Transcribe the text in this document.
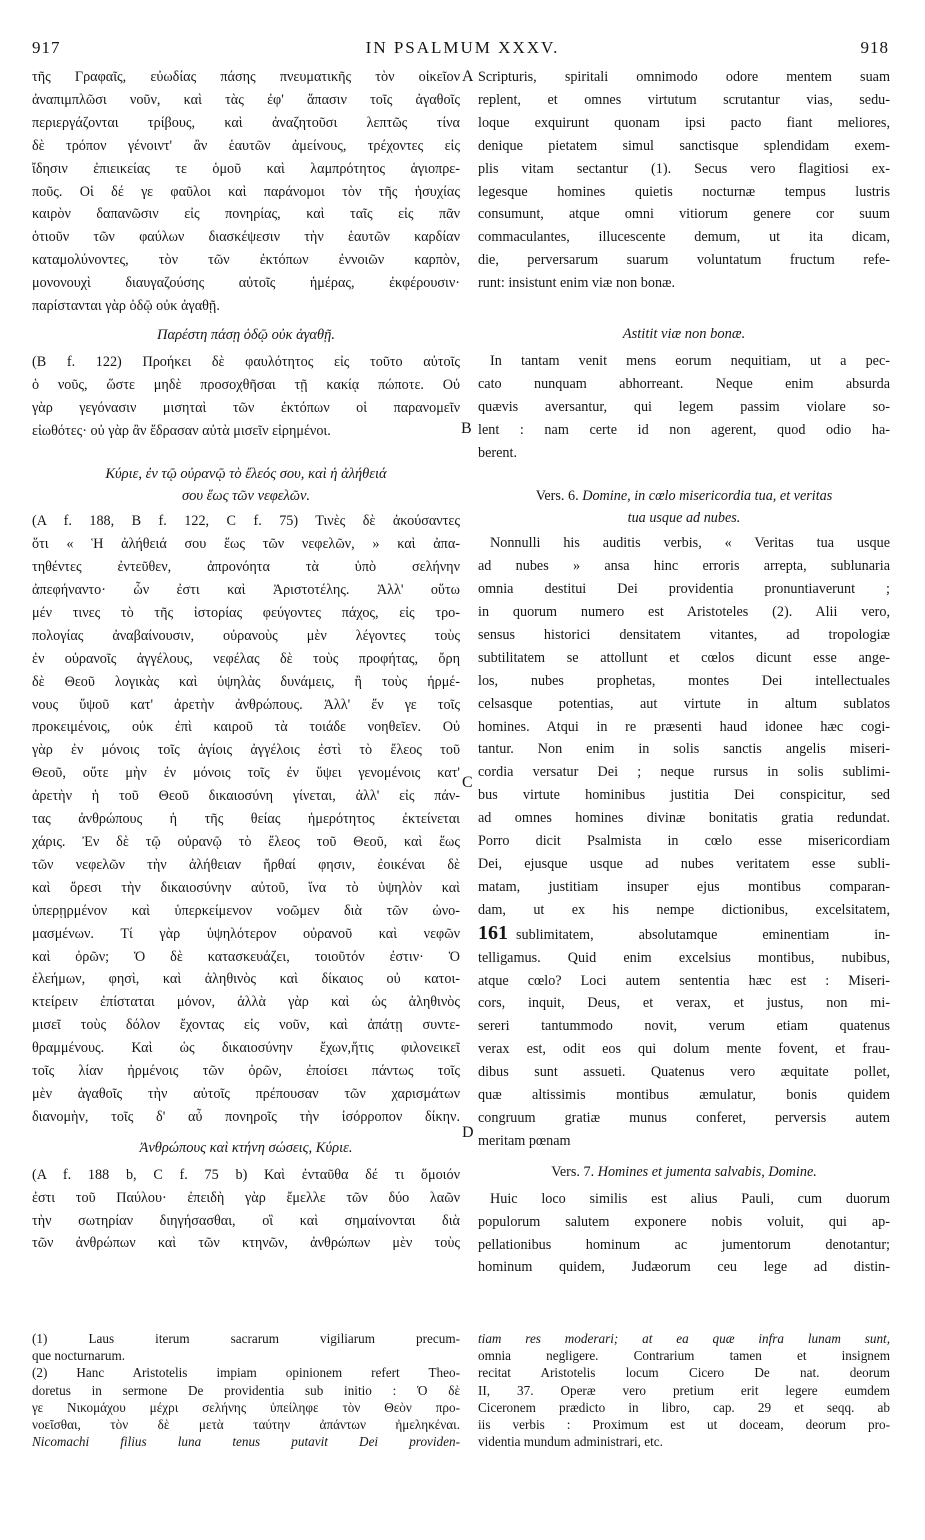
917	IN PSALMUM XXXV.	918
A
B
C
D
τῆς Γραφαῖς, εὐωδίας πάσης πνευματικῆς τὸν οἰκεῖον
ἀναπιμπλῶσι νοῦν, καὶ τὰς ἐφ' ἅπασιν τοῖς ἀγαθοῖς
περιεργάζονται τρίβους, καὶ ἀναζητοῦσι λεπτῶς τίνα
δὲ τρόπον γένοιντ' ἂν ἑαυτῶν ἀμείνους, τρέχοντες εἰς
ἴδησιν ἐπιεικείας τε ὁμοῦ καὶ λαμπρότητος ἁγιοπρε-
ποῦς. Οἱ δέ γε φαῦλοι καὶ παράνομοι τὸν τῆς ἡσυχίας
καιρὸν δαπανῶσιν εἰς πονηρίας, καὶ ταῖς εἰς πᾶν
ὁτιοῦν τῶν φαύλων διασκέψεσιν τὴν ἑαυτῶν καρδίαν
καταμολύνοντες, τὸν τῶν ἐκτόπων ἐννοιῶν καρπὸν,
μονονουχὶ διαυγαζούσης αὐτοῖς ἡμέρας, ἐκφέρουσιν·
παρίστανται γὰρ ὁδῷ οὐκ ἀγαθῇ.
Παρέστη πάσῃ ὁδῷ οὐκ ἀγαθῇ.
(Β f. 122) Προήκει δὲ φαυλότητος εἰς τοῦτο αὐτοῖς
ὁ νοῦς, ὥστε μηδὲ προσοχθῆσαι τῇ κακίᾳ πώποτε. Οὐ
γὰρ γεγόνασιν μισηταὶ τῶν ἐκτόπων οἱ παρανομεῖν
εἰωθότες· οὐ γὰρ ἂν ἔδρασαν αὐτὰ μισεῖν εἰρημένοι.
Κύριε, ἐν τῷ οὐρανῷ τὸ ἔλεός σου, καὶ ἡ ἀλήθειά
σου ἕως τῶν νεφελῶν.
(Α f. 188, Β f. 122, C f. 75) Τινὲς δὲ ἀκούσαντες
ὅτι « Ἡ ἀλήθειά σου ἕως τῶν νεφελῶν, » καὶ ἀπα-
τηθέντες ἐντεῦθεν, ἀπρονόητα τὰ ὑπὸ σελήνην
ἀπεφήναντο· ὧν ἐστι καὶ Ἀριστοτέλης. Ἀλλ' οὕτω
μέν τινες τὸ τῆς ἱστορίας φεύγοντες πάχος, εἰς τρο-
πολογίας ἀναβαίνουσιν, οὐρανοὺς μὲν λέγοντες τοὺς
ἐν οὐρανοῖς ἀγγέλους, νεφέλας δὲ τοὺς προφήτας, ὄρη
δὲ Θεοῦ λογικὰς καὶ ὑψηλὰς δυνάμεις, ἢ τοὺς ἡρμέ-
νους ὕψοῦ κατ' ἀρετὴν ἀνθρώπους. Ἀλλ' ἔν γε τοῖς
προκειμένοις, οὐκ ἐπὶ καιροῦ τὰ τοιάδε νοηθεῖεν. Οὐ
γὰρ ἐν μόνοις τοῖς ἁγίοις ἀγγέλοις ἐστὶ τὸ ἔλεος τοῦ
Θεοῦ, οὔτε μὴν ἐν μόνοις τοῖς ἐν ὕψει γενομένοις κατ'
ἀρετὴν ἡ τοῦ Θεοῦ δικαιοσύνη γίνεται, ἀλλ' εἰς πάν-
τας ἀνθρώπους ἡ τῆς θείας ἡμερότητος ἐκτείνεται
χάρις. Ἐν δὲ τῷ οὐρανῷ τὸ ἔλεος τοῦ Θεοῦ, καὶ ἕως
τῶν νεφελῶν τὴν ἀλήθειαν ἤρθαί φησιν, ἐοικέναι δὲ
καὶ ὄρεσι τὴν δικαιοσύνην αὐτοῦ, ἵνα τὸ ὑψηλὸν καὶ
ὑπερῃρμένον καὶ ὑπερκείμενον νοῶμεν διὰ τῶν ὠνο-
μασμένων. Τί γὰρ ὑψηλότερον οὐρανοῦ καὶ νεφῶν
καὶ ὀρῶν; Ὁ δὲ κατασκευάζει, τοιοῦτόν ἐστιν· Ὁ
ἐλεήμων, φησὶ, καὶ ἀληθινὸς καὶ δίκαιος οὐ κατοι-
κτείρειν ἐπίσταται μόνον, ἀλλὰ γὰρ καὶ ὡς ἀληθινὸς
μισεῖ τοὺς δόλον ἔχοντας εἰς νοῦν, καὶ ἀπάτῃ συντε-
θραμμένους. Καὶ ὡς δικαιοσύνην ἔχων,ἥτις φιλονεικεῖ
τοῖς λίαν ἠρμένοις τῶν ὀρῶν, ἐποίσει πάντως τοῖς
μὲν ἀγαθοῖς τὴν αὐτοῖς πρέπουσαν τῶν χαρισμάτων
διανομὴν, τοῖς δ' αὖ πονηροῖς τὴν ἰσόρροπον δίκην.
Ἀνθρώπους καὶ κτήνη σώσεις, Κύριε.
(Α f. 188 b, C f. 75 b) Καὶ ἐνταῦθα δέ τι ὅμοιόν
ἐστι τοῦ Παύλου· ἐπειδὴ γὰρ ἔμελλε τῶν δύο λαῶν
τὴν σωτηρίαν διηγήσασθαι, οἳ καὶ σημαίνονται διὰ
τῶν ἀνθρώπων καὶ τῶν κτηνῶν, ἀνθρώπων μὲν τοὺς
Scripturis, spiritali omnimodo odore mentem suam
replent, et omnes virtutum scrutantur vias, sedu-
loque exquirunt quonam ipsi pacto fiant meliores,
denique pietatem simul sanctisque splendidam exem-
plis vitam sectantur (1). Secus vero flagitiosi ex-
legesque homines quietis nocturnæ tempus lustris
consumunt, atque omni vitiorum genere cor suum
commaculantes, illucescente demum, ut ita dicam,
die, perversarum suarum voluntatum fructum refe-
runt: insistunt enim viæ non bonæ.
Astitit viæ non bonæ.
In tantam venit mens eorum nequitiam, ut a pec-
cato nunquam abhorreant. Neque enim absurda
quævis aversantur, qui legem passim violare so-
lent : nam certe id non agerent, quod odio ha-
berent.
Vers. 6. Domine, in cœlo misericordia tua, et veritas
tua usque ad nubes.
Nonnulli his auditis verbis, « Veritas tua usque
ad nubes » ansa hinc erroris arrepta, sublunaria
omnia destitui Dei providentia pronuntiaverunt ;
in quorum numero est Aristoteles (2). Alii vero,
sensus historici densitatem vitantes, ad tropologiæ
subtilitatem se attollunt et cœlos dicunt esse ange-
los, nubes prophetas, montes Dei intellectuales
celsasque potentias, aut virtute in altum sublatos
homines. Atqui in re præsenti haud idonee hæc cogi-
tantur. Non enim in solis sanctis angelis miseri-
cordia versatur Dei ; neque rursus in solis sublimi-
bus virtute hominibus justitia Dei conspicitur, sed
ad omnes homines divinæ bonitatis gratia redundat.
Porro dicit Psalmista in cœlo esse misericordiam
Dei, ejusque usque ad nubes veritatem esse subli-
matam, justitiam insuper ejus montibus comparan-
dam, ut ex his nempe dictionibus, excelsitatem,
161 sublimitatem, absolutamque eminentiam in-
telligamus. Quid enim excelsius montibus, nubibus,
atque cœlo? Loci autem sententia hæc est : Miseri-
cors, inquit, Deus, et verax, et justus, non mi-
sereri tantummodo novit, verum etiam quatenus
verax est, odit eos qui dolum mente fovent, et frau-
dibus sunt assueti. Quatenus vero æquitate pollet,
quæ altissimis montibus æmulatur, bonis quidem
congruum gratiæ munus conferet, perversis autem
meritam pœnam
Vers. 7. Homines et jumenta salvabis, Domine.
Huic loco similis est alius Pauli, cum duorum
populorum salutem exponere nobis voluit, qui ap-
pellationibus hominum ac jumentorum denotantur;
hominum quidem, Judæorum ceu lege ad distin-
(1) Laus iterum sacrarum vigiliarum precum-
que nocturnarum.
(2) Hanc Aristotelis impiam opinionem refert Theo-
doretus in sermone De providentia sub initio : Ὁ δὲ
γε Νικομάχου μέχρι σελήνης ὑπείληφε τὸν Θεὸν προ-
νοεῖσθαι, τὸν δὲ μετὰ ταύτην ἀπάντων ἠμεληκέναι.
Nicomachi filius luna tenus putavit Dei providen-
tiam res moderari; at ea quæ infra lunam sunt,
omnia negligere. Contrarium tamen et insignem
recitat Aristotelis locum Cicero De nat. deorum
II, 37. Operæ vero pretium erit legere eumdem
Ciceronem prædicto in libro, cap. 29 et seqq. ab
iis verbis : Proximum est ut doceam, deorum pro-
videntia mundum administrari, etc.
